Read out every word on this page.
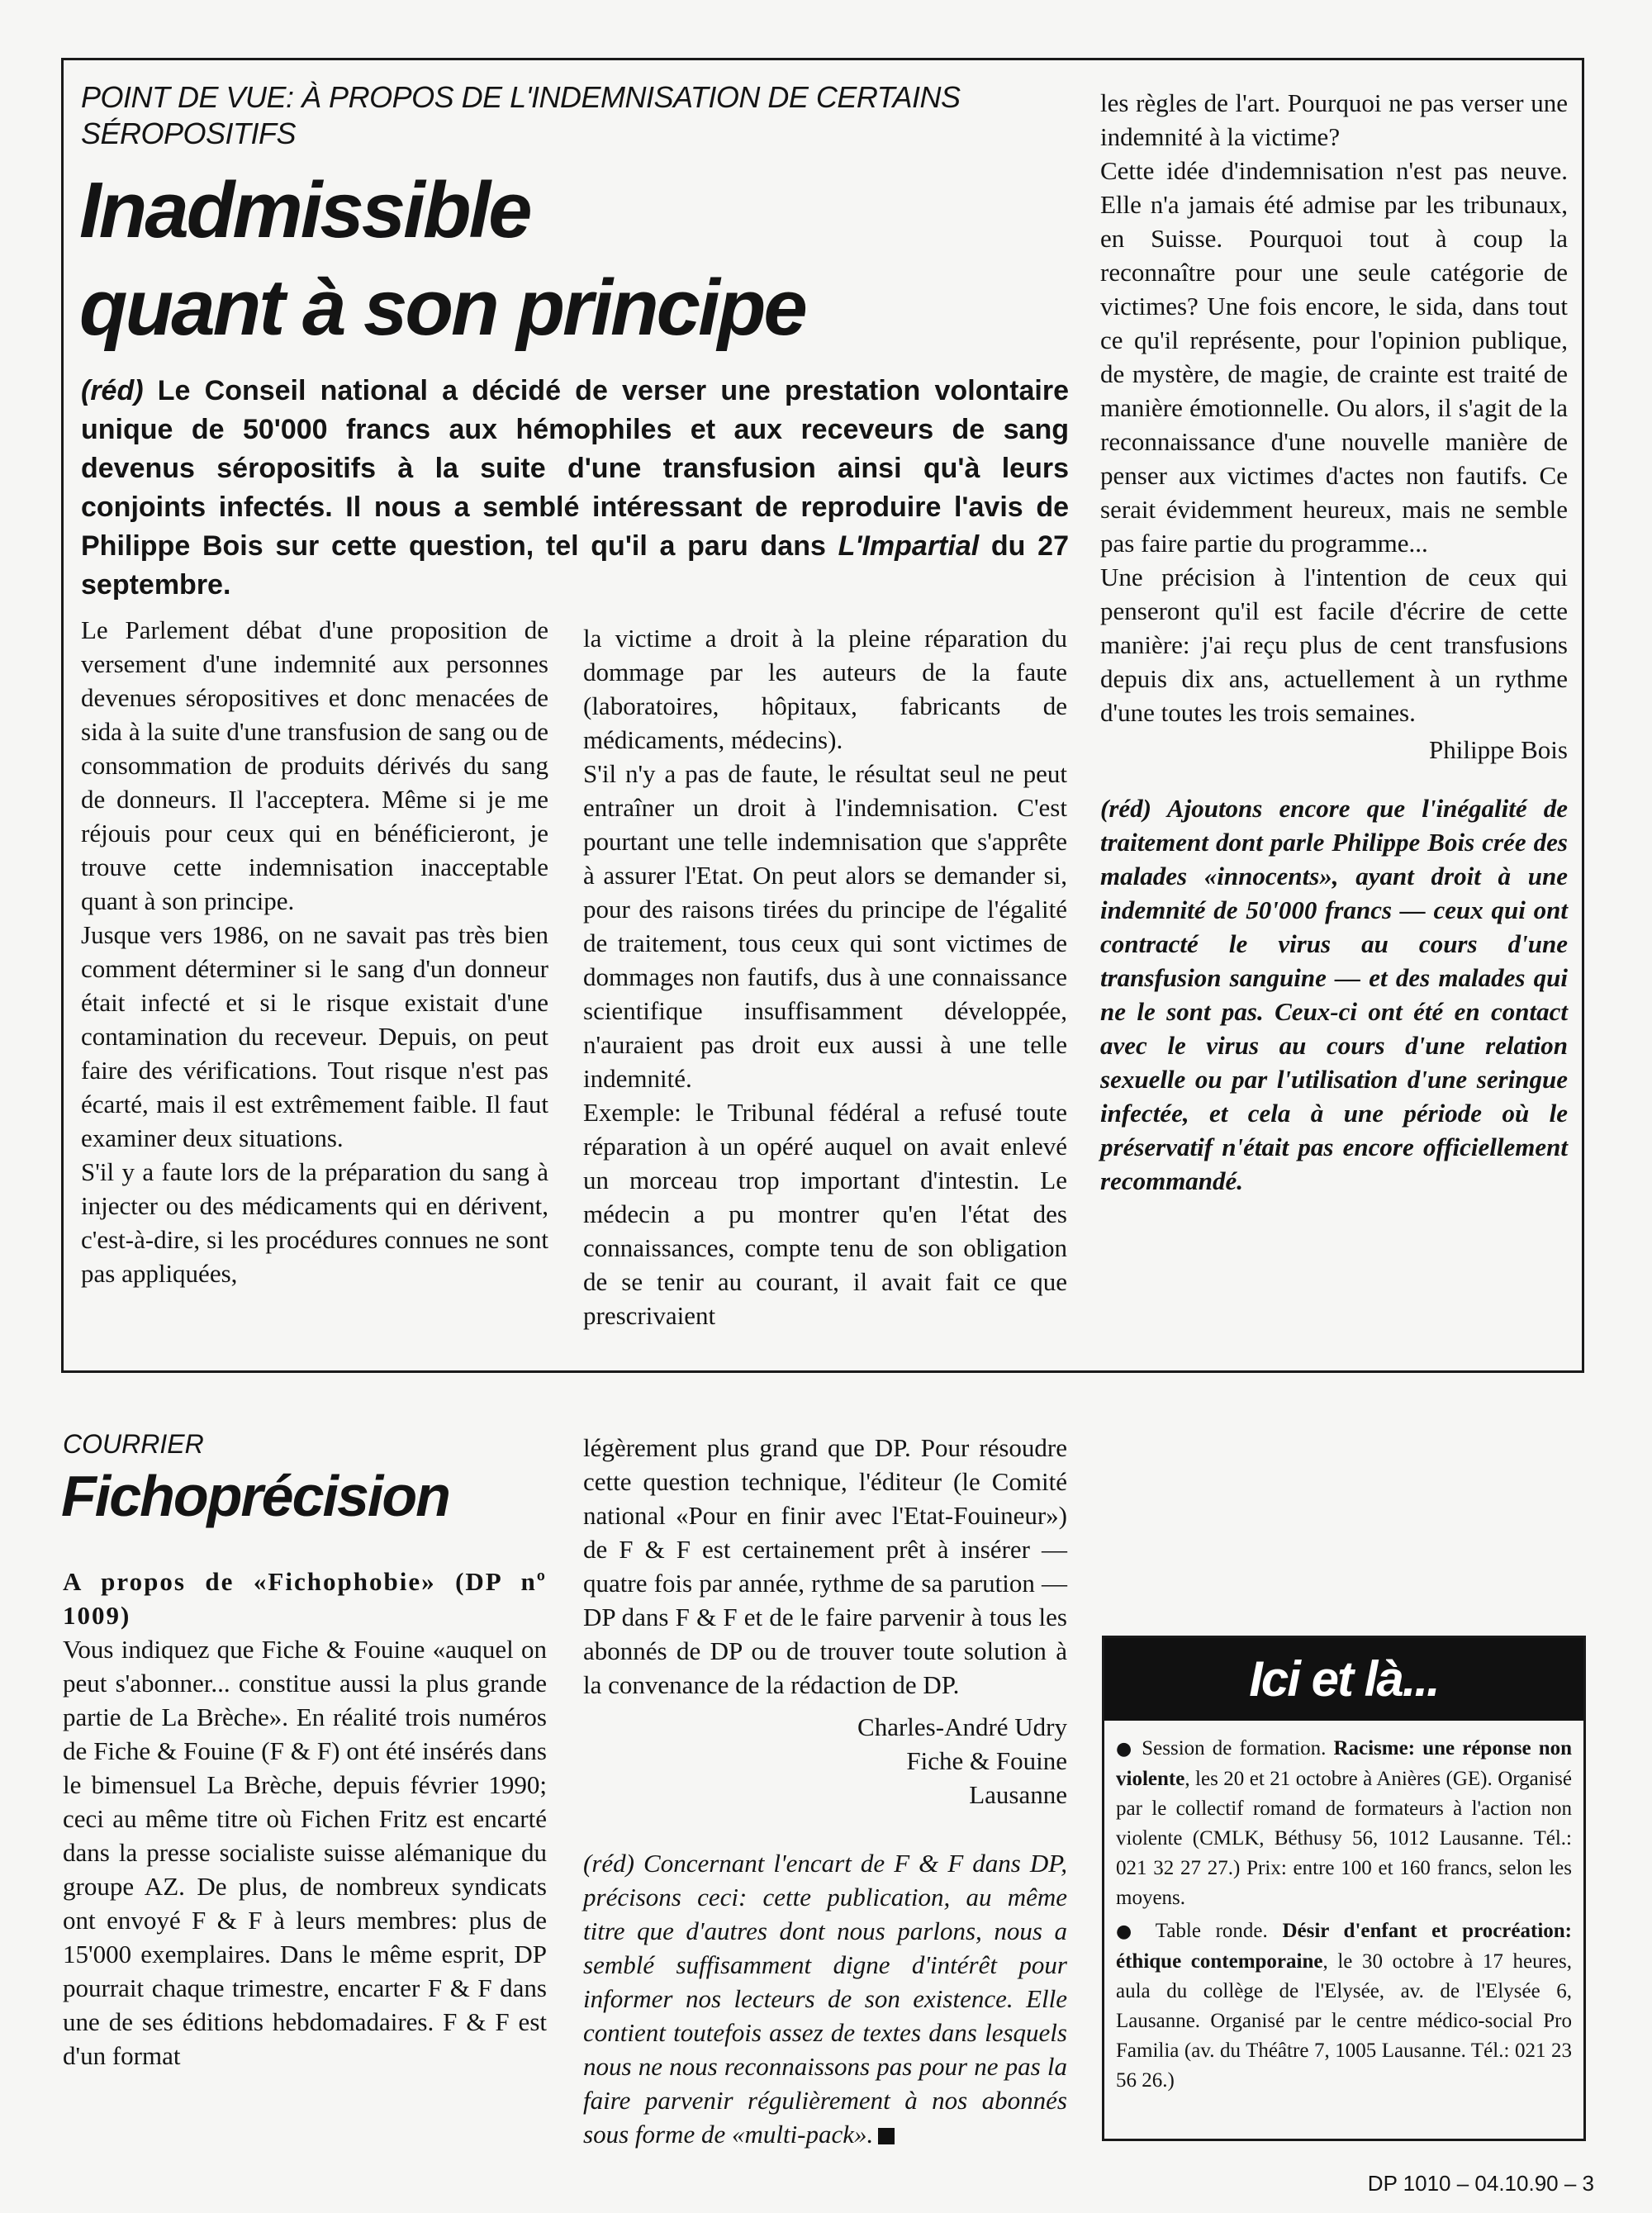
POINT DE VUE: À PROPOS DE L'INDEMNISATION DE CERTAINS SÉROPOSITIFS
Inadmissible
quant à son principe
(réd) Le Conseil national a décidé de verser une prestation volontaire unique de 50'000 francs aux hémophiles et aux receveurs de sang devenus séropositifs à la suite d'une transfusion ainsi qu'à leurs conjoints infectés. Il nous a semblé intéressant de reproduire l'avis de Philippe Bois sur cette question, tel qu'il a paru dans L'Impartial du 27 septembre.

Le Parlement débat d'une proposition de versement d'une indemnité aux personnes devenues séropositives et donc menacées de sida à la suite d'une transfusion de sang ou de consommation de produits dérivés du sang de donneurs. Il l'acceptera. Même si je me réjouis pour ceux qui en bénéficieront, je trouve cette indemnisation inacceptable quant à son principe.

Jusque vers 1986, on ne savait pas très bien comment déterminer si le sang d'un donneur était infecté et si le risque existait d'une contamination du receveur. Depuis, on peut faire des vérifications. Tout risque n'est pas écarté, mais il est extrêmement faible. Il faut examiner deux situations.

S'il y a faute lors de la préparation du sang à injecter ou des médicaments qui en dérivent, c'est-à-dire, si les procédures connues ne sont pas appliquées,

la victime a droit à la pleine réparation du dommage par les auteurs de la faute (laboratoires, hôpitaux, fabricants de médicaments, médecins).

S'il n'y a pas de faute, le résultat seul ne peut entraîner un droit à l'indemnisation. C'est pourtant une telle indemnisation que s'apprête à assurer l'Etat. On peut alors se demander si, pour des raisons tirées du principe de l'égalité de traitement, tous ceux qui sont victimes de dommages non fautifs, dus à une connaissance scientifique insuffisamment développée, n'auraient pas droit eux aussi à une telle indemnité.

Exemple: le Tribunal fédéral a refusé toute réparation à un opéré auquel on avait enlevé un morceau trop important d'intestin. Le médecin a pu montrer qu'en l'état des connaissances, compte tenu de son obligation de se tenir au courant, il avait fait ce que prescrivaient

les règles de l'art. Pourquoi ne pas verser une indemnité à la victime?

Cette idée d'indemnisation n'est pas neuve. Elle n'a jamais été admise par les tribunaux, en Suisse. Pourquoi tout à coup la reconnaître pour une seule catégorie de victimes? Une fois encore, le sida, dans tout ce qu'il représente, pour l'opinion publique, de mystère, de magie, de crainte est traité de manière émotionnelle. Ou alors, il s'agit de la reconnaissance d'une nouvelle manière de penser aux victimes d'actes non fautifs. Ce serait évidemment heureux, mais ne semble pas faire partie du programme...

Une précision à l'intention de ceux qui penseront qu'il est facile d'écrire de cette manière: j'ai reçu plus de cent transfusions depuis dix ans, actuellement à un rythme d'une toutes les trois semaines.

Philippe Bois

(réd) Ajoutons encore que l'inégalité de traitement dont parle Philippe Bois crée des malades «innocents», ayant droit à une indemnité de 50'000 francs — ceux qui ont contracté le virus au cours d'une transfusion sanguine — et des malades qui ne le sont pas. Ceux-ci ont été en contact avec le virus au cours d'une relation sexuelle ou par l'utilisation d'une seringue infectée, et cela à une période où le préservatif n'était pas encore officiellement recommandé.

COURRIER
Fichoprécision

A propos de «Fichophobie» (DP nº 1009)

Vous indiquez que Fiche & Fouine «auquel on peut s'abonner... constitue aussi la plus grande partie de La Brèche». En réalité trois numéros de Fiche & Fouine (F & F) ont été insérés dans le bimensuel La Brèche, depuis février 1990; ceci au même titre où Fichen Fritz est encarté dans la presse socialiste suisse alémanique du groupe AZ. De plus, de nombreux syndicats ont envoyé F & F à leurs membres: plus de 15'000 exemplaires. Dans le même esprit, DP pourrait chaque trimestre, encarter F & F dans une de ses éditions hebdomadaires. F & F est d'un format

légèrement plus grand que DP. Pour résoudre cette question technique, l'éditeur (le Comité national «Pour en finir avec l'Etat-Fouineur») de F & F est certainement prêt à insérer — quatre fois par année, rythme de sa parution — DP dans F & F et de le faire parvenir à tous les abonnés de DP ou de trouver toute solution à la convenance de la rédaction de DP.

Charles-André Udry

Fiche & Fouine

Lausanne

(réd) Concernant l'encart de F & F dans DP, précisons ceci: cette publication, au même titre que d'autres dont nous parlons, nous a semblé suffisamment digne d'intérêt pour informer nos lecteurs de son existence. Elle contient toutefois assez de textes dans lesquels nous ne nous reconnaissons pas pour ne pas la faire parvenir régulièrement à nos abonnés sous forme de «multi-pack».

Ici et là...

● Session de formation. Racisme: une réponse non violente, les 20 et 21 octobre à Anières (GE). Organisé par le collectif romand de formateurs à l'action non violente (CMLK, Béthusy 56, 1012 Lausanne. Tél.: 021 32 27 27.) Prix: entre 100 et 160 francs, selon les moyens.

● Table ronde. Désir d'enfant et procréation: éthique contemporaine, le 30 octobre à 17 heures, aula du collège de l'Elysée, av. de l'Elysée 6, Lausanne. Organisé par le centre médico-social Pro Familia (av. du Théâtre 7, 1005 Lausanne. Tél.: 021 23 56 26.)

DP 1010 – 04.10.90 – 3
